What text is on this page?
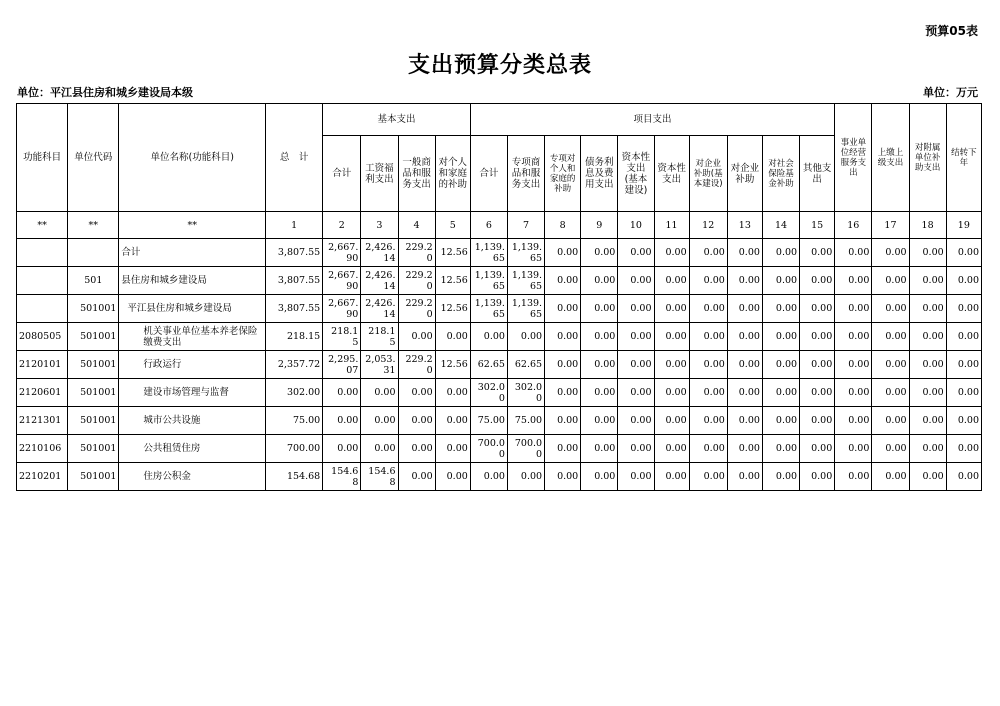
预算05表
支出预算分类总表
单位：平江县住房和城乡建设局本级	单位：万元
功能科目	单位代码	单位名称(功能科目)	总　计	基本支出				项目支出										事业单位经营服务支出	上缴上级支出	对附属单位补助支出	结转下年
				合计	工资福利支出	一般商品和服务支出	对个人和家庭的补助	合计	专项商品和服务支出	专项对个人和家庭的补助	债务利息及费用支出	资本性支出(基本建设)	资本性支出	对企业补助(基本建设)	对企业补助	对社会保险基金补助	其他支出				
**	**	**	1	2	3	4	5	6	7	8	9	10	11	12	13	14	15	16	17	18	19
		合计	3,807.55	2,667.90	2,426.14	229.20	12.56	1,139.65	1,139.65	0.00	0.00	0.00	0.00	0.00	0.00	0.00	0.00	0.00	0.00	0.00	0.00
	501	县住房和城乡建设局	3,807.55	2,667.90	2,426.14	229.20	12.56	1,139.65	1,139.65	0.00	0.00	0.00	0.00	0.00	0.00	0.00	0.00	0.00	0.00	0.00	0.00
	501001	平江县住房和城乡建设局	3,807.55	2,667.90	2,426.14	229.20	12.56	1,139.65	1,139.65	0.00	0.00	0.00	0.00	0.00	0.00	0.00	0.00	0.00	0.00	0.00	0.00
2080505	501001	机关事业单位基本养老保险缴费支出	218.15	218.15	218.15	0.00	0.00	0.00	0.00	0.00	0.00	0.00	0.00	0.00	0.00	0.00	0.00	0.00	0.00	0.00	0.00
2120101	501001	行政运行	2,357.72	2,295.07	2,053.31	229.20	12.56	62.65	62.65	0.00	0.00	0.00	0.00	0.00	0.00	0.00	0.00	0.00	0.00	0.00	0.00
2120601	501001	建设市场管理与监督	302.00	0.00	0.00	0.00	0.00	302.00	302.00	0.00	0.00	0.00	0.00	0.00	0.00	0.00	0.00	0.00	0.00	0.00	0.00
2121301	501001	城市公共设施	75.00	0.00	0.00	0.00	0.00	75.00	75.00	0.00	0.00	0.00	0.00	0.00	0.00	0.00	0.00	0.00	0.00	0.00	0.00
2210106	501001	公共租赁住房	700.00	0.00	0.00	0.00	0.00	700.00	700.00	0.00	0.00	0.00	0.00	0.00	0.00	0.00	0.00	0.00	0.00	0.00	0.00
2210201	501001	住房公积金	154.68	154.68	154.68	0.00	0.00	0.00	0.00	0.00	0.00	0.00	0.00	0.00	0.00	0.00	0.00	0.00	0.00	0.00	0.00
